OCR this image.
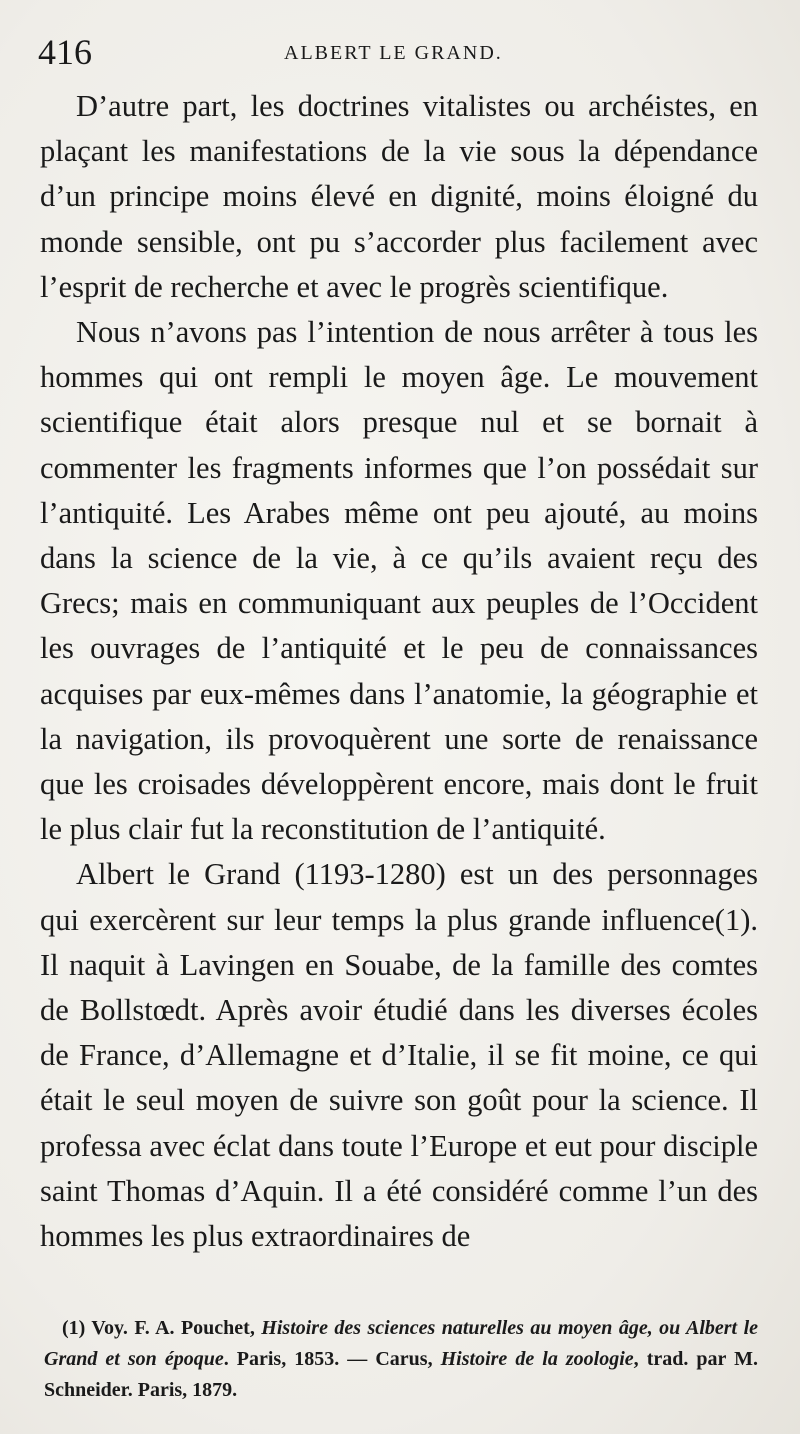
416	ALBERT LE GRAND.

D’autre part, les doctrines vitalistes ou archéistes, en plaçant les manifestations de la vie sous la dépendance d’un principe moins élevé en dignité, moins éloigné du monde sensible, ont pu s’accorder plus facilement avec l’esprit de recherche et avec le progrès scientifique.

Nous n’avons pas l’intention de nous arrêter à tous les hommes qui ont rempli le moyen âge. Le mouvement scientifique était alors presque nul et se bornait à commenter les fragments informes que l’on possédait sur l’antiquité. Les Arabes même ont peu ajouté, au moins dans la science de la vie, à ce qu’ils avaient reçu des Grecs; mais en communiquant aux peuples de l’Occident les ouvrages de l’antiquité et le peu de connaissances acquises par eux-mêmes dans l’anatomie, la géographie et la navigation, ils provoquèrent une sorte de renaissance que les croisades développèrent encore, mais dont le fruit le plus clair fut la reconstitution de l’antiquité.

Albert le Grand (1193-1280) est un des personnages qui exercèrent sur leur temps la plus grande influence(1). Il naquit à Lavingen en Souabe, de la famille des comtes de Bollstœdt. Après avoir étudié dans les diverses écoles de France, d’Allemagne et d’Italie, il se fit moine, ce qui était le seul moyen de suivre son goût pour la science. Il professa avec éclat dans toute l’Europe et eut pour disciple saint Thomas d’Aquin. Il a été considéré comme l’un des hommes les plus extraordinaires de

(1) Voy. F. A. Pouchet, Histoire des sciences naturelles au moyen âge, ou Albert le Grand et son époque. Paris, 1853. — Carus, Histoire de la zoologie, trad. par M. Schneider. Paris, 1879.
